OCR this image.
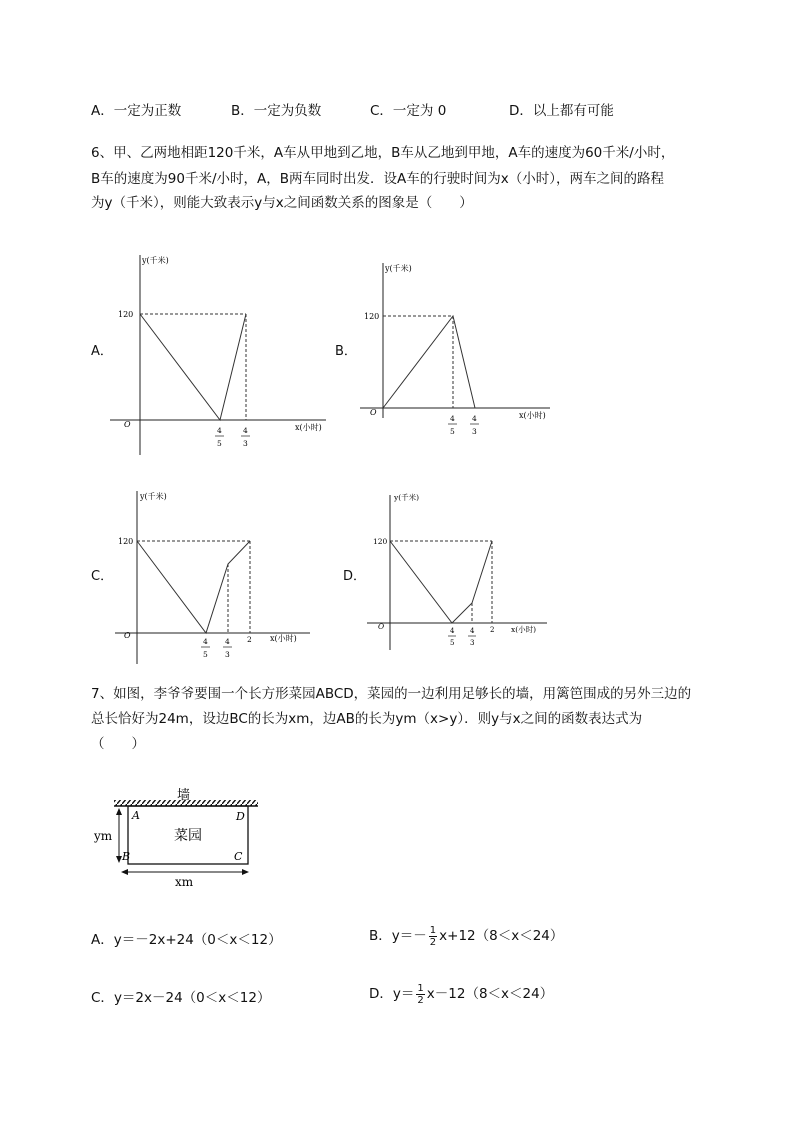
A．一定为正数	B．一定为负数	C．一定为 0	D．以上都有可能
6、甲、乙两地相距120千米，A车从甲地到乙地，B车从乙地到甲地，A车的速度为60千米/小时，
B车的速度为90千米/小时，A，B两车同时出发．设A车的行驶时间为x（小时），两车之间的路程
为y（千米），则能大致表示y与x之间函数关系的图象是（　　）
A．	B．
C．	D．
y(千米)
120
O	x(小时)
4
5
4
3
y(千米)
120
O	x(小时)
4
5
4
3
y(千米)
120
O	x(小时)
4
5
4
3
2
y(千米)
120
O	x(小时)
4
5
4
3
2
7、如图，李爷爷要围一个长方形菜园ABCD，菜园的一边利用足够长的墙，用篱笆围成的另外三边的
总长恰好为24m，设边BC的长为xm，边AB的长为ym（x>y）．则y与x之间的函数表达式为
（　　）
墙
菜园
A	D
B	C
ym
xm
A．y＝－2x+24（0＜x＜12）	B．$y=- \frac{1}{2} x+12(8<x<24)$
C．y＝2x－24（0＜x＜12）	D．$y= \frac{1}{2} x-12(8<x<24)$
